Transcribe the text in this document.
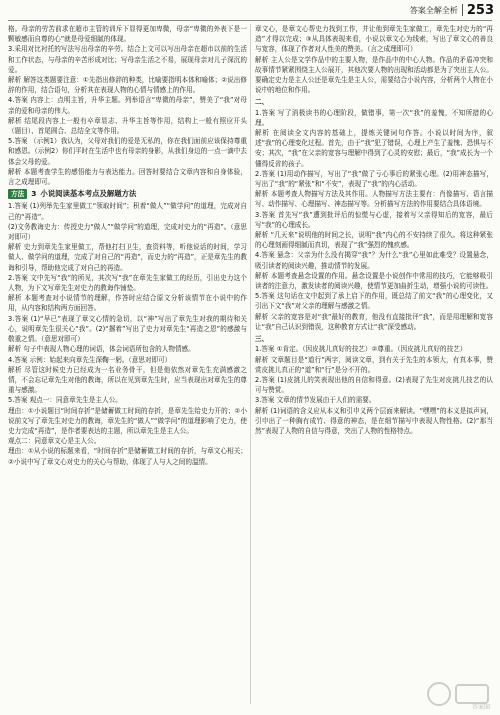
答案全解全析 253

格。母亲的劳苦前求在超市主管的训斥下显得更加卑微，母亲“卑微的外表下是一颗敏感而自尊的心”就是母爱细腻的体现。

3.采用对比衬托的写法写出母亲的辛劳。结合上文可以写出母亲在超市以前的生活和工作状态，与母亲的辛苦形成对比；写母亲生活之不易，展现母亲对儿子深沉的爱。

解析 解答这类题要注意：①先指出修辞的种类，比喻要指明本体和喻体；②说出修辞的作用，结合语句，分析其在表现人物的心情与情感上的作用。

4.答案 内容上：点明主旨，升华主题。列举语言“卑微的母亲”，赞美了“我”对母亲的爱和母亲的伟大。

解析 结尾段内容上一般有卒章显志、升华主旨等作用，结构上一般有照应开头（题目）、首尾圆合、总结全文等作用。

5.答案 （示例1）我认为，父母对我们的爱是无私的，你在我们面前应该保持尊重和感恩。（示例2）你们平时在生活中也有母亲的身影，从我们身边的一点一滴中去体会父母的爱。

解析 本题考查学生的感悟能力与表达能力。回答时要结合文章内容和自身体验，言之成理即可。

方法 3 小说阅读基本考点及解题方法

1.答案 (1)列举先生家里做工“领取时间”；积着“做人”“做学问”的道理，完成对自己的“再造”。

(2)文务教诲史力：传授史力“做人”“做学问”的道理，完成对史力的“再造”。（意思对即可）

解析 史力到章先生家里做工，帮他打扫卫生，查资料等，听他说话的时间，学习做人、做学问的道理，完成了对自己的“再造”，而史力的“再造”，正是章先生的教诲和引导，帮助他完成了对自己的再造。

2.答案 文中先写“我”的所见，其次写“我”在章先生家做工的经历，引出史力这个人物，为下文写章先生对史力的教诲作铺垫。

解析 本题考查对小说情节的理解，作答时应结合原文分析该情节在小说中的作用，从内容和结构两方面回答。

3.答案 (1)“早已”表现了章文心情的急切，以“神”写出了章先生对我的期待和关心，说明章先生很关心“我”。(2)“撂着”写出了史力对章先生“再造之恩”的感激与敬重之情。（意思对即可）

解析 句子中表现人物心理的词语，体会词语所包含的人物情感。

4.答案 示例：始起来向章先生深鞠一躬。（意思对即可）

解析 尽管这时候史力已经成为一名业务骨干，但是他依然对章先生充满感激之情，不会忘记章先生对他的教诲，所以在见到章先生时，应当表现出对章先生的尊重与感激。

5.答案 观点一：同意章先生是主人公。

理由：①小说题目“时间存折”是储蓄做工时间的存折，是章先生给史力开的；②小说前文写了章先生对史力的教诲，章先生的“做人”“做学问”的道理影响了史力，使史力完成“再造”，是作者要表达的主题，所以章先生是主人公。

观点二：同意章文心是主人公。

理由：①从小说的标题来看，“时间存折”是储蓄做工时间的存折，与章文心相关；②小说中写了章文心对史力的关心与帮助，体现了人与人之间的温情。

章文心，是章文心帮史力找到工作，并让他到章先生家做工，章先生对史力的“再造”才得以完成；③从具体表现来看，小说以章文心为线索，写出了章文心的善良与宽容，体现了作者对人性美的赞美。（言之成理即可）

解析 主人公是文学作品中的主要人物，是作品中的中心人物。作品的矛盾冲突和故事情节紧紧围绕主人公展开，其他次要人物的出现和活动都是为了突出主人公。要确定史力是主人公还是章先生是主人公，需要结合小说内容，分析两个人物在小说中的地位和作用。

二、

1.答案 写了消极读书的心理阶段，做错事，第一次“我”的羞愧，不知所措的心理。

解析 在阅读全文内容的基础上，提炼关键词句作答。小说以时间为序，叙述“我”的心理变化过程。首先，由于“我”犯了错误，心理上产生了羞愧、恐惧与不安；其次，“我”在父亲的宽容与理解中得到了心灵的安慰；最后，“我”成长为一个懂得反省的孩子。

2.答案 (1)用动作描写，写出了“我”做了亏心事后的紧张心理。(2)用神态描写，写出了“我”的“紧张”和“不安”，表现了“我”的内心活动。

解析 本题考查人物描写方法及其作用。人物描写方法主要有：肖像描写、语言描写、动作描写、心理描写、神态描写等。分析描写方法的作用要结合具体语境。

3.答案 首先写“我”遭到批评后的惊慌与心虚，接着写父亲得知后的宽容，最后写“我”的心理成长。

解析 “几天来”说明他的时间之长，说明“我”内心的不安持续了很久。将这种紧张的心理刻画得细腻而真切，表现了“我”强烈的愧疚感。

4.答案 悬念：父亲为什么没有揭穿“我”？为什么“我”心里如此难受？设置悬念，吸引读者的阅读兴趣，推动情节的发展。

解析 本题考查悬念设置的作用。悬念设置是小说创作中常用的技巧，它能够吸引读者的注意力，激发读者的阅读兴趣，使情节更加曲折生动，增强小说的可读性。

5.答案 这句话在文中起到了承上启下的作用，既总结了前文“我”的心理变化，又引出下文“我”对父亲的理解与感激之情。

解析 父亲的宽容是对“我”最好的教育，他没有直接批评“我”，而是用理解和宽容让“我”自己认识到错误，这种教育方式让“我”深受感动。

三、

1.答案 ①肯定。（因皮挑儿真好的技艺）②尊重。（因皮挑儿真好的技艺）

解析 文章题目是“道行”两字，阅读文章，到有关于先生的本领大，有真本事，赞赏皮挑儿真正的“道”和“行”是分不开的。

2.答案 (1)皮挑儿的笑表现出他的自信和得意。(2)表现了先生对皮挑儿技艺的认可与赞赏。

3.答案 文章的情节发展由于人们的需要。

解析 (1)词语的含义应从本义和引申义两个层面来解读。“嘿嘿”的本义是拟声词，引申出了一种胸有成竹、得意的神态，是在细节描写中表现人物性格。(2)“那当然”表现了人物的自信与得意，突出了人物的性格特点。

答案圈
